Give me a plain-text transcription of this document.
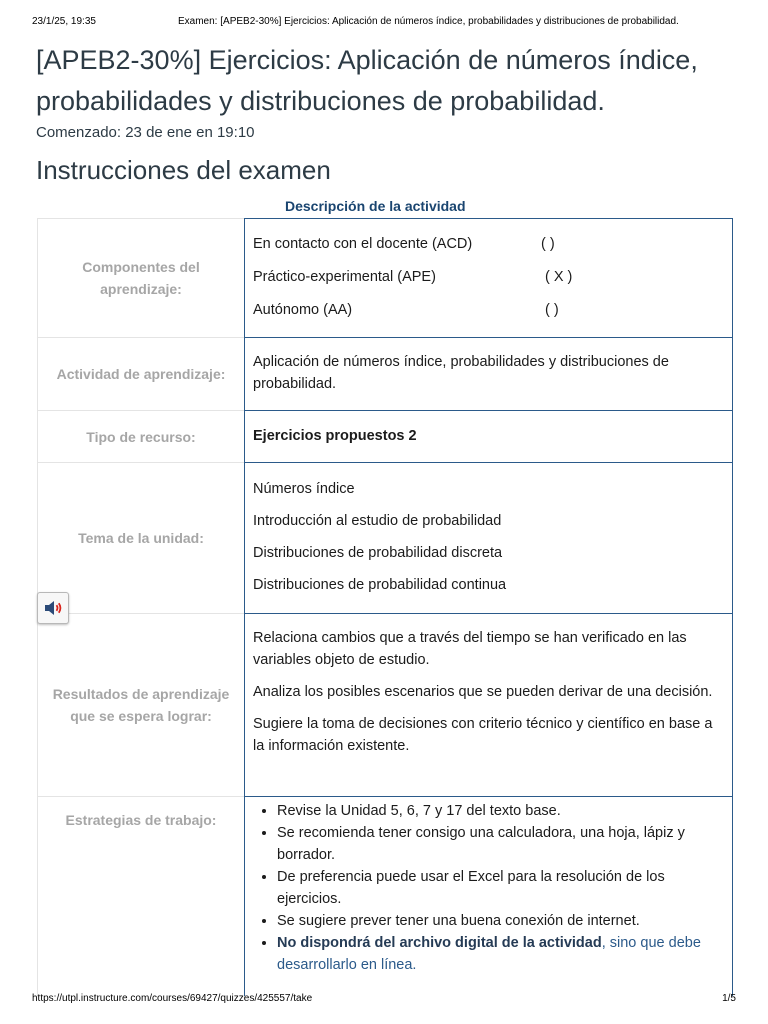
23/1/25, 19:35	Examen: [APEB2-30%] Ejercicios: Aplicación de números índice, probabilidades y distribuciones de probabilidad.
[APEB2-30%] Ejercicios: Aplicación de números índice, probabilidades y distribuciones de probabilidad.
Comenzado: 23 de ene en 19:10
Instrucciones del examen
Descripción de la actividad
Componentes del aprendizaje:
En contacto con el docente (ACD)	( )
Práctico-experimental (APE)	( X )
Autónomo (AA)	( )
Actividad de aprendizaje:

Aplicación de números índice, probabilidades y distribuciones de probabilidad.

Tipo de recurso:	Ejercicios propuestos 2

Tema de la unidad:

Números índice

Introducción al estudio de probabilidad

Distribuciones de probabilidad discreta

Distribuciones de probabilidad continua

Resultados de aprendizaje que se espera lograr:

Relaciona cambios que a través del tiempo se han verificado en las variables objeto de estudio.

Analiza los posibles escenarios que se pueden derivar de una decisión.

Sugiere la toma de decisiones con criterio técnico y científico en base a la información existente.

Estrategias de trabajo:
• Revise la Unidad 5, 6, 7 y 17 del texto base.
• Se recomienda tener consigo una calculadora, una hoja, lápiz y borrador.
• De preferencia puede usar el Excel para la resolución de los ejercicios.
• Se sugiere prever tener una buena conexión de internet.
• No dispondrá del archivo digital de la actividad, sino que debe desarrollarlo en línea.
https://utpl.instructure.com/courses/69427/quizzes/425557/take	1/5
